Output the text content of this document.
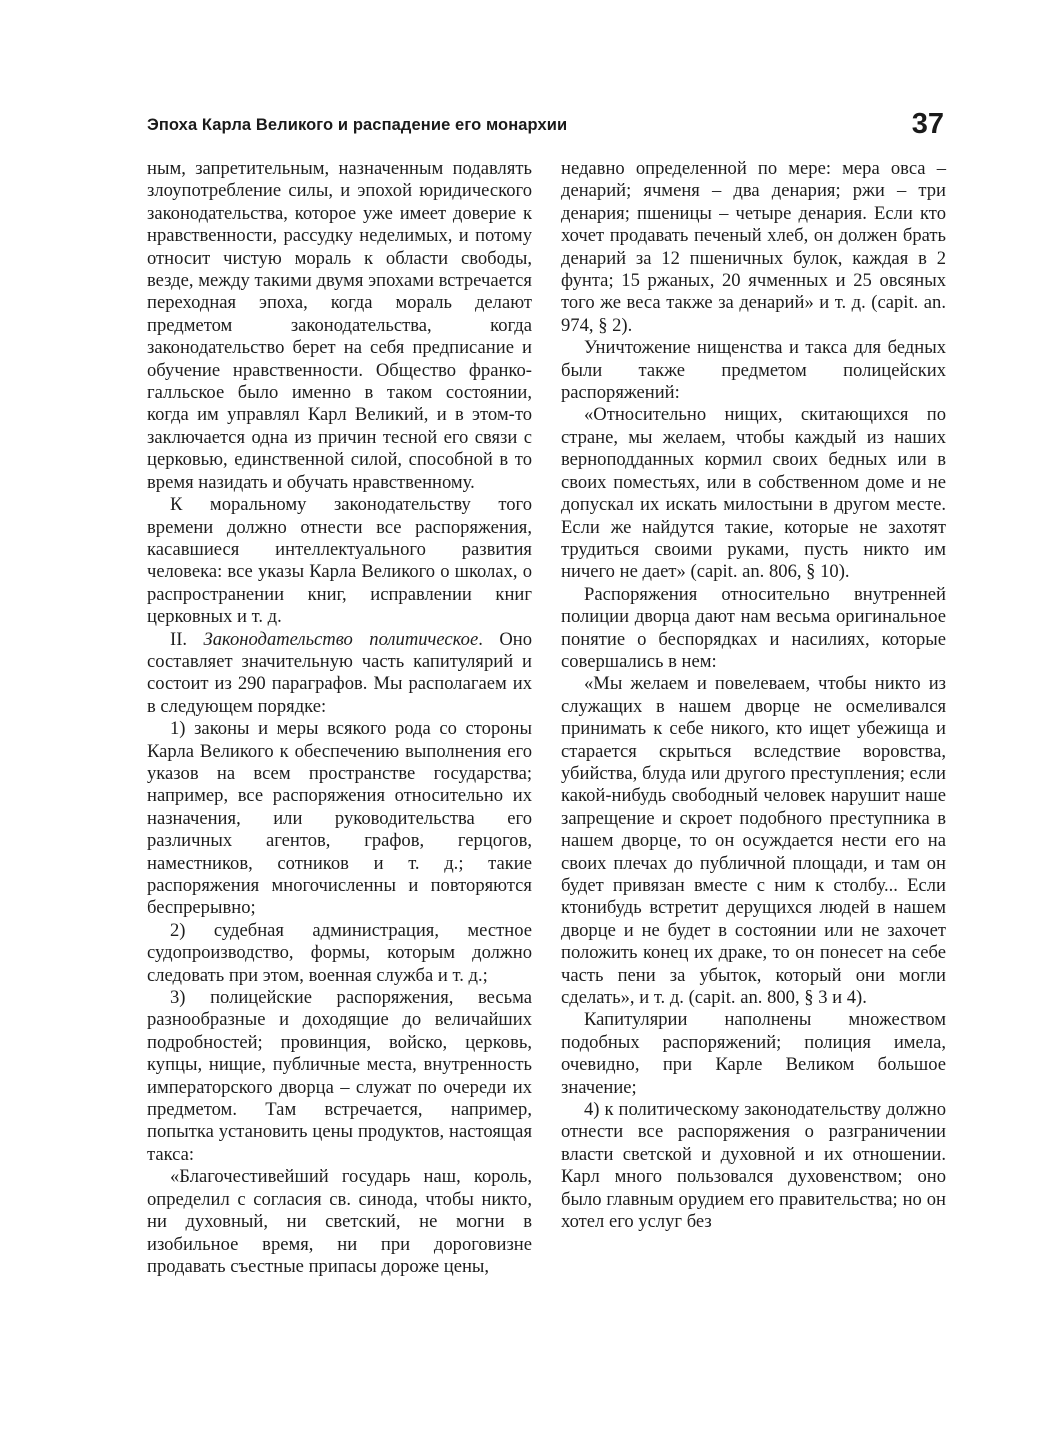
Эпоха Карла Великого и распадение его монархии	37

ным, запретительным, назначенным подавлять злоупотребление силы, и эпохой юридического законодательства, которое уже имеет доверие к нравственности, рассудку неделимых, и потому относит чистую мораль к области свободы, везде, между такими двумя эпохами встречается переходная эпоха, когда мораль делают предметом законодательства, когда законодательство берет на себя предписание и обучение нравственности. Общество франко-галльское было именно в таком состоянии, когда им управлял Карл Великий, и в этом-то заключается одна из причин тесной его связи с церковью, единственной силой, способной в то время назидать и обучать нравственному.

К моральному законодательству того времени должно отнести все распоряжения, касавшиеся интеллектуального развития человека: все указы Карла Великого о школах, о распространении книг, исправлении книг церковных и т. д.

II. Законодательство политическое. Оно составляет значительную часть капитулярий и состоит из 290 параграфов. Мы располагаем их в следующем порядке:

1) законы и меры всякого рода со стороны Карла Великого к обеспечению выполнения его указов на всем пространстве государства; например, все распоряжения относительно их назначения, или руководительства его различных агентов, графов, герцогов, наместников, сотников и т. д.; такие распоряжения многочисленны и повторяются беспрерывно;

2) судебная администрация, местное судопроизводство, формы, которым должно следовать при этом, военная служба и т. д.;

3) полицейские распоряжения, весьма разнообразные и доходящие до величайших подробностей; провинция, войско, церковь, купцы, нищие, публичные места, внутренность императорского дворца – служат по очереди их предметом. Там встречается, например, попытка установить цены продуктов, настоящая такса:

«Благочестивейший государь наш, король, определил с согласия св. синода, чтобы никто, ни духовный, ни светский, не могни в изобильное время, ни при дороговизне продавать съестные припасы дороже цены,

недавно определенной по мере: мера овса – денарий; ячменя – два денария; ржи – три денария; пшеницы – четыре денария. Если кто хочет продавать печеный хлеб, он должен брать денарий за 12 пшеничных булок, каждая в 2 фунта; 15 ржаных, 20 ячменных и 25 овсяных того же веса также за денарий» и т. д. (capit. an. 974, § 2).

Уничтожение нищенства и такса для бедных были также предметом полицейских распоряжений:

«Относительно нищих, скитающихся по стране, мы желаем, чтобы каждый из наших верноподданных кормил своих бедных или в своих поместьях, или в собственном доме и не допускал их искать милостыни в другом месте. Если же найдутся такие, которые не захотят трудиться своими руками, пусть никто им ничего не дает» (capit. an. 806, § 10).

Распоряжения относительно внутренней полиции дворца дают нам весьма оригинальное понятие о беспорядках и насилиях, которые совершались в нем:

«Мы желаем и повелеваем, чтобы никто из служащих в нашем дворце не осмеливался принимать к себе никого, кто ищет убежища и старается скрыться вследствие воровства, убийства, блуда или другого преступления; если какой-нибудь свободный человек нарушит наше запрещение и скроет подобного преступника в нашем дворце, то он осуждается нести его на своих плечах до публичной площади, и там он будет привязан вместе с ним к столбу... Если ктонибудь встретит дерущихся людей в нашем дворце и не будет в состоянии или не захочет положить конец их драке, то он понесет на себе часть пени за убыток, который они могли сделать», и т. д. (capit. an. 800, § 3 и 4).

Капитулярии наполнены множеством подобных распоряжений; полиция имела, очевидно, при Карле Великом большое значение;

4) к политическому законодательству должно отнести все распоряжения о разграничении власти светской и духовной и их отношении. Карл много пользовался духовенством; оно было главным орудием его правительства; но он хотел его услуг без
